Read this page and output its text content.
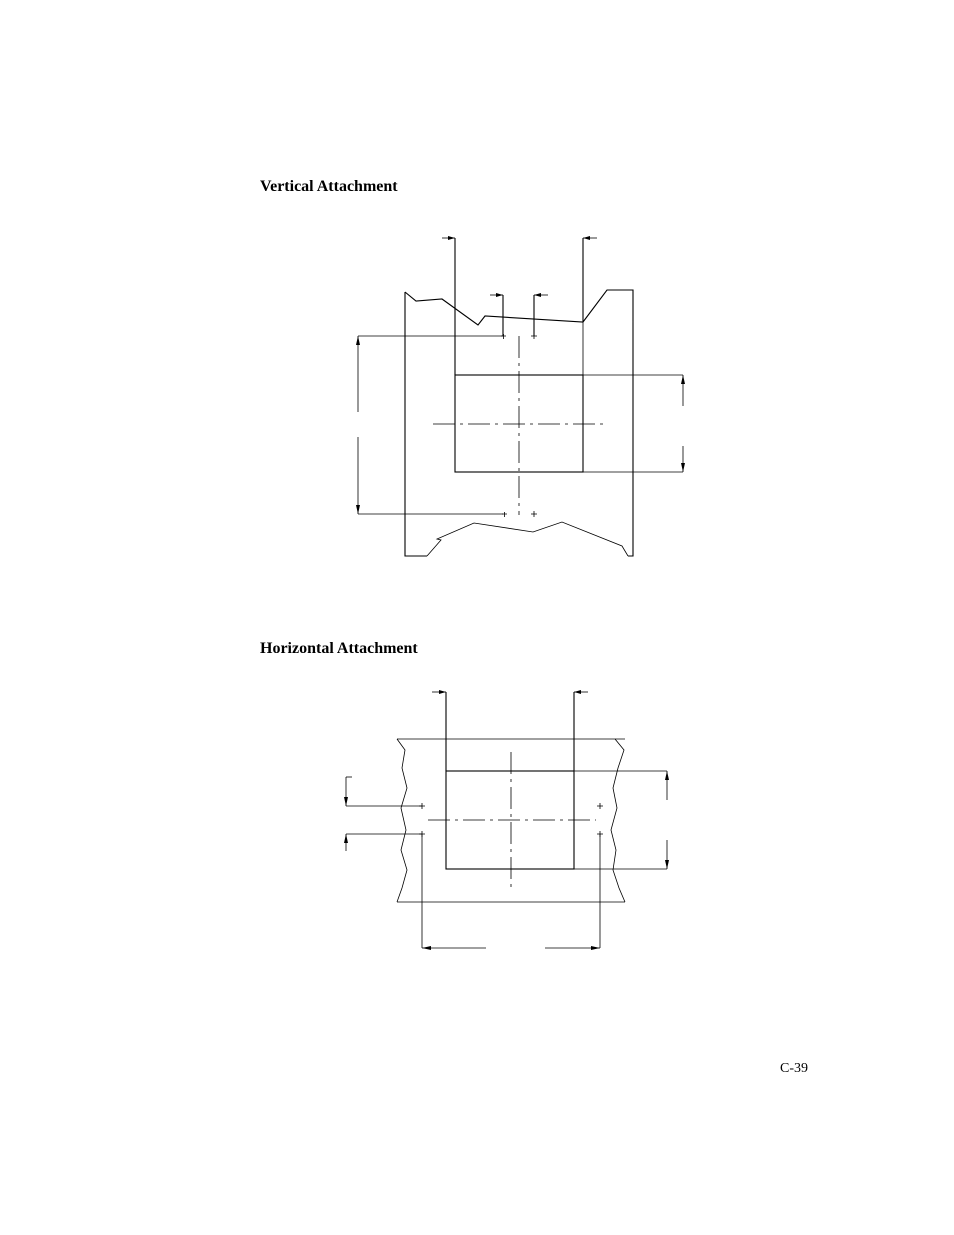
Vertical Attachment
Horizontal Attachment
C-39
